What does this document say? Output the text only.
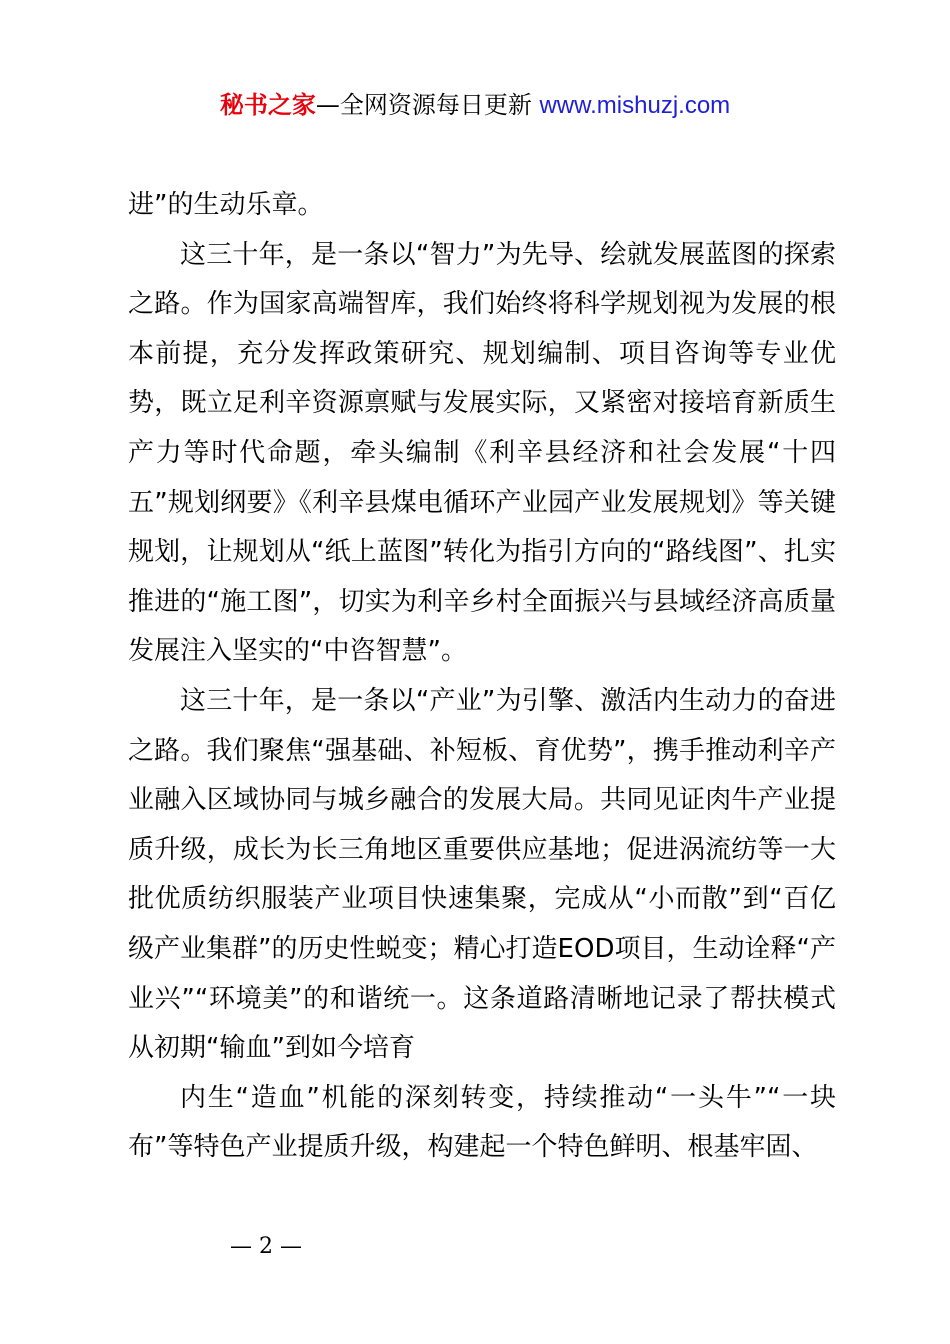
秘书之家—全网资源每日更新 www.mishuzj.com

进”的生动乐章。

这三十年，是一条以“智力”为先导、绘就发展蓝图的探索之路。作为国家高端智库，我们始终将科学规划视为发展的根本前提，充分发挥政策研究、规划编制、项目咨询等专业优势，既立足利辛资源禀赋与发展实际，又紧密对接培育新质生产力等时代命题，牵头编制《利辛县经济和社会发展“十四五”规划纲要》《利辛县煤电循环产业园产业发展规划》等关键规划，让规划从“纸上蓝图”转化为指引方向的“路线图”、扎实推进的“施工图”，切实为利辛乡村全面振兴与县域经济高质量发展注入坚实的“中咨智慧”。

这三十年，是一条以“产业”为引擎、激活内生动力的奋进之路。我们聚焦“强基础、补短板、育优势”，携手推动利辛产业融入区域协同与城乡融合的发展大局。共同见证肉牛产业提质升级，成长为长三角地区重要供应基地；促进涡流纺等一大批优质纺织服装产业项目快速集聚，完成从“小而散”到“百亿级产业集群”的历史性蜕变；精心打造EOD项目，生动诠释“产业兴”“环境美”的和谐统一。这条道路清晰地记录了帮扶模式从初期“输血”到如今培育

内生“造血”机能的深刻转变，持续推动“一头牛”“一块布”等特色产业提质升级，构建起一个特色鲜明、根基牢固、

— 2 —
